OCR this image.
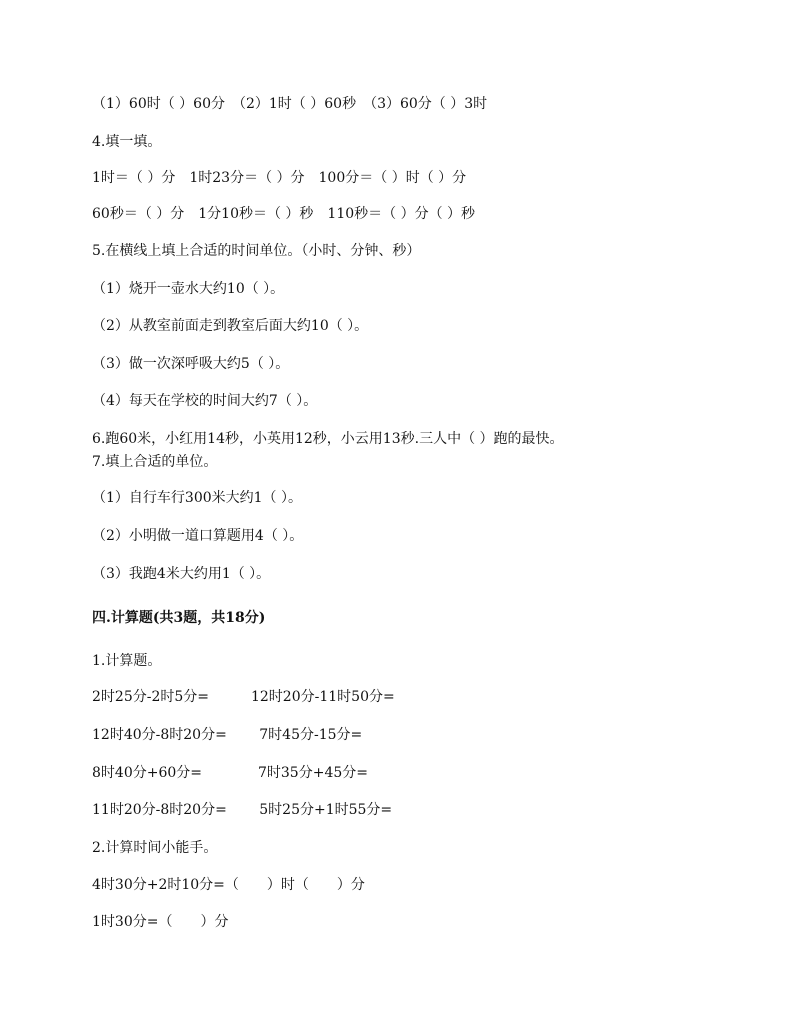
（1）60时（ ）60分　（2）1时（ ）60秒　（3）60分（ ）3时
4.填一填。
1时＝（ ）分　1时23分＝（ ）分　100分＝（ ）时（ ）分
60秒＝（ ）分　1分10秒＝（ ）秒　110秒＝（ ）分（ ）秒
5.在横线上填上合适的时间单位。（小时、分钟、秒）
（1）烧开一壶水大约10（ ）。
（2）从教室前面走到教室后面大约10（ ）。
（3）做一次深呼吸大约5（ ）。
（4）每天在学校的时间大约7（ ）。
6.跑60米，小红用14秒，小英用12秒，小云用13秒.三人中（ ）跑的最快。
7.填上合适的单位。
（1）自行车行300米大约1（ ）。
（2）小明做一道口算题用4（ ）。
（3）我跑4米大约用1（ ）。
四.计算题(共3题，共18分)
1.计算题。
2时25分-2时5分=　　　12时20分-11时50分=
12时40分-8时20分=　　 7时45分-15分=
8时40分+60分=　　　　7时35分+45分=
11时20分-8时20分=　　 5时25分+1时55分=
2.计算时间小能手。
4时30分+2时10分=（　　）时（　　）分
1时30分=（　　）分
